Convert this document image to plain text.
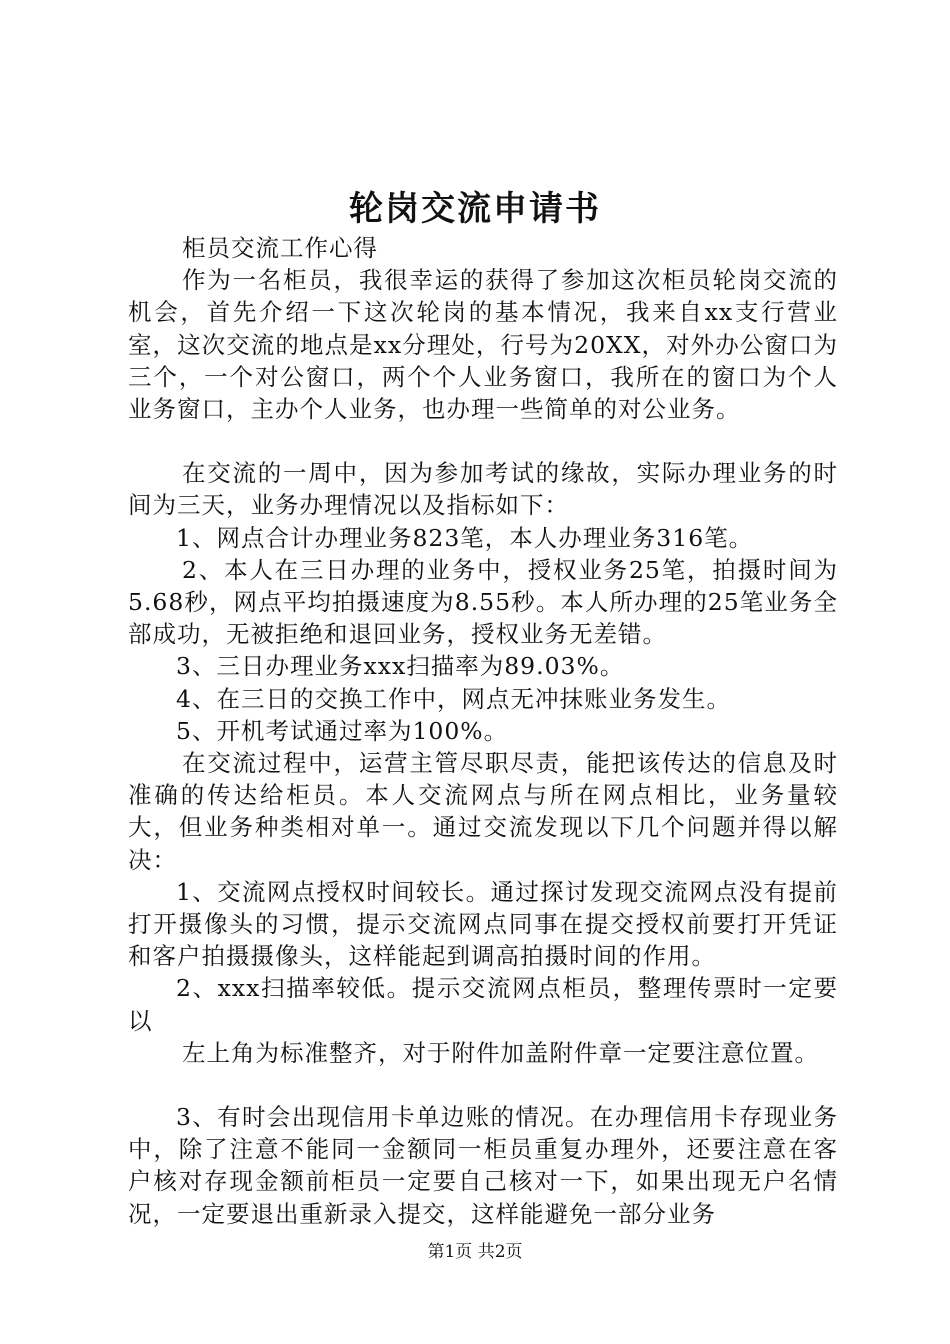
轮岗交流申请书

柜员交流工作心得

作为一名柜员，我很幸运的获得了参加这次柜员轮岗交流的机会，首先介绍一下这次轮岗的基本情况，我来自xx支行营业室，这次交流的地点是xx分理处，行号为20XX，对外办公窗口为三个，一个对公窗口，两个个人业务窗口，我所在的窗口为个人业务窗口，主办个人业务，也办理一些简单的对公业务。

在交流的一周中，因为参加考试的缘故，实际办理业务的时间为三天，业务办理情况以及指标如下：

1、网点合计办理业务823笔，本人办理业务316笔。

2、本人在三日办理的业务中，授权业务25笔，拍摄时间为5.68秒，网点平均拍摄速度为8.55秒。本人所办理的25笔业务全部成功，无被拒绝和退回业务，授权业务无差错。

3、三日办理业务xxx扫描率为89.03%。

4、在三日的交换工作中，网点无冲抹账业务发生。

5、开机考试通过率为100%。

在交流过程中，运营主管尽职尽责，能把该传达的信息及时准确的传达给柜员。本人交流网点与所在网点相比，业务量较大，但业务种类相对单一。通过交流发现以下几个问题并得以解决：

1、交流网点授权时间较长。通过探讨发现交流网点没有提前打开摄像头的习惯，提示交流网点同事在提交授权前要打开凭证和客户拍摄摄像头，这样能起到调高拍摄时间的作用。

2、xxx扫描率较低。提示交流网点柜员，整理传票时一定要以

左上角为标准整齐，对于附件加盖附件章一定要注意位置。

3、有时会出现信用卡单边账的情况。在办理信用卡存现业务中，除了注意不能同一金额同一柜员重复办理外，还要注意在客户核对存现金额前柜员一定要自己核对一下，如果出现无户名情况，一定要退出重新录入提交，这样能避免一部分业务

第1页 共2页
